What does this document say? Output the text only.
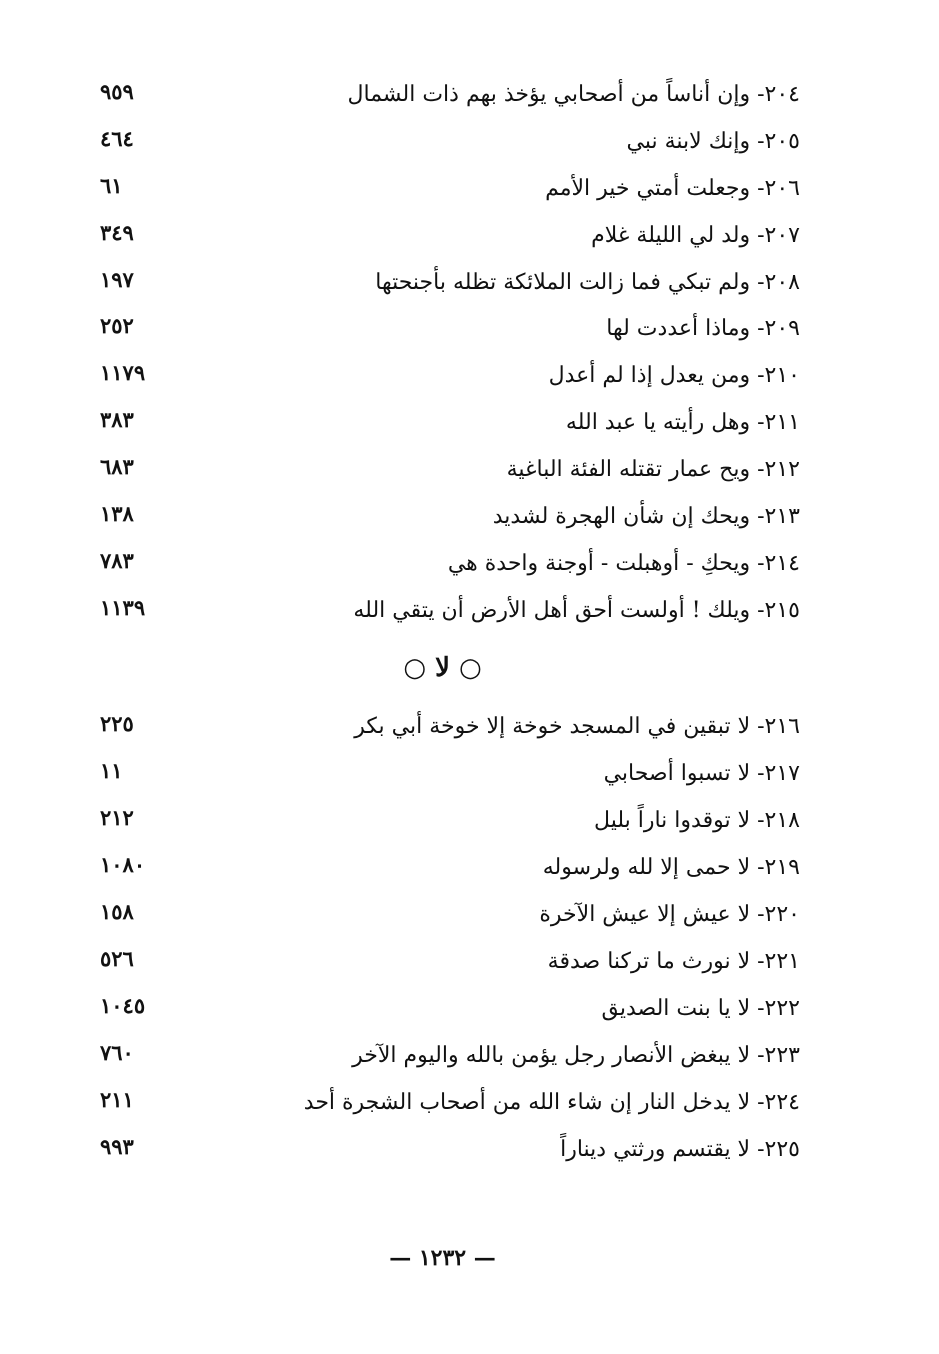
٢٠٤- وإن أناساً من أصحابي يؤخذ بهم ذات الشمال
٩٥٩
٢٠٥- وإنك لابنة نبي
٤٦٤
٢٠٦- وجعلت أمتي خير الأمم
٦١
٢٠٧- ولد لي الليلة غلام
٣٤٩
٢٠٨- ولم تبكي فما زالت الملائكة تظله بأجنحتها
١٩٧
٢٠٩- وماذا أعددت لها
٢٥٢
٢١٠- ومن يعدل إذا لم أعدل
١١٧٩
٢١١- وهل رأيته يا عبد الله
٣٨٣
٢١٢- ويح عمار تقتله الفئة الباغية
٦٨٣
٢١٣- ويحك إن شأن الهجرة لشديد
١٣٨
٢١٤- ويحكِ - أوهبلت - أوجنة واحدة هي
٧٨٣
٢١٥- ويلك ! أولست أحق أهل الأرض أن يتقي الله
١١٣٩
○ لا ○
٢١٦- لا تبقين في المسجد خوخة إلا خوخة أبي بكر
٢٢٥
٢١٧- لا تسبوا أصحابي
١١
٢١٨- لا توقدوا ناراً بليل
٢١٢
٢١٩- لا حمى إلا لله ولرسوله
١٠٨٠
٢٢٠- لا عيش إلا عيش الآخرة
١٥٨
٢٢١- لا نورث ما تركنا صدقة
٥٢٦
٢٢٢- لا يا بنت الصديق
١٠٤٥
٢٢٣- لا يبغض الأنصار رجل يؤمن بالله واليوم الآخر
٧٦٠
٢٢٤- لا يدخل النار إن شاء الله من أصحاب الشجرة أحد
٢١١
٢٢٥- لا يقتسم ورثتي ديناراً
٩٩٣
— ١٢٣٢ —
